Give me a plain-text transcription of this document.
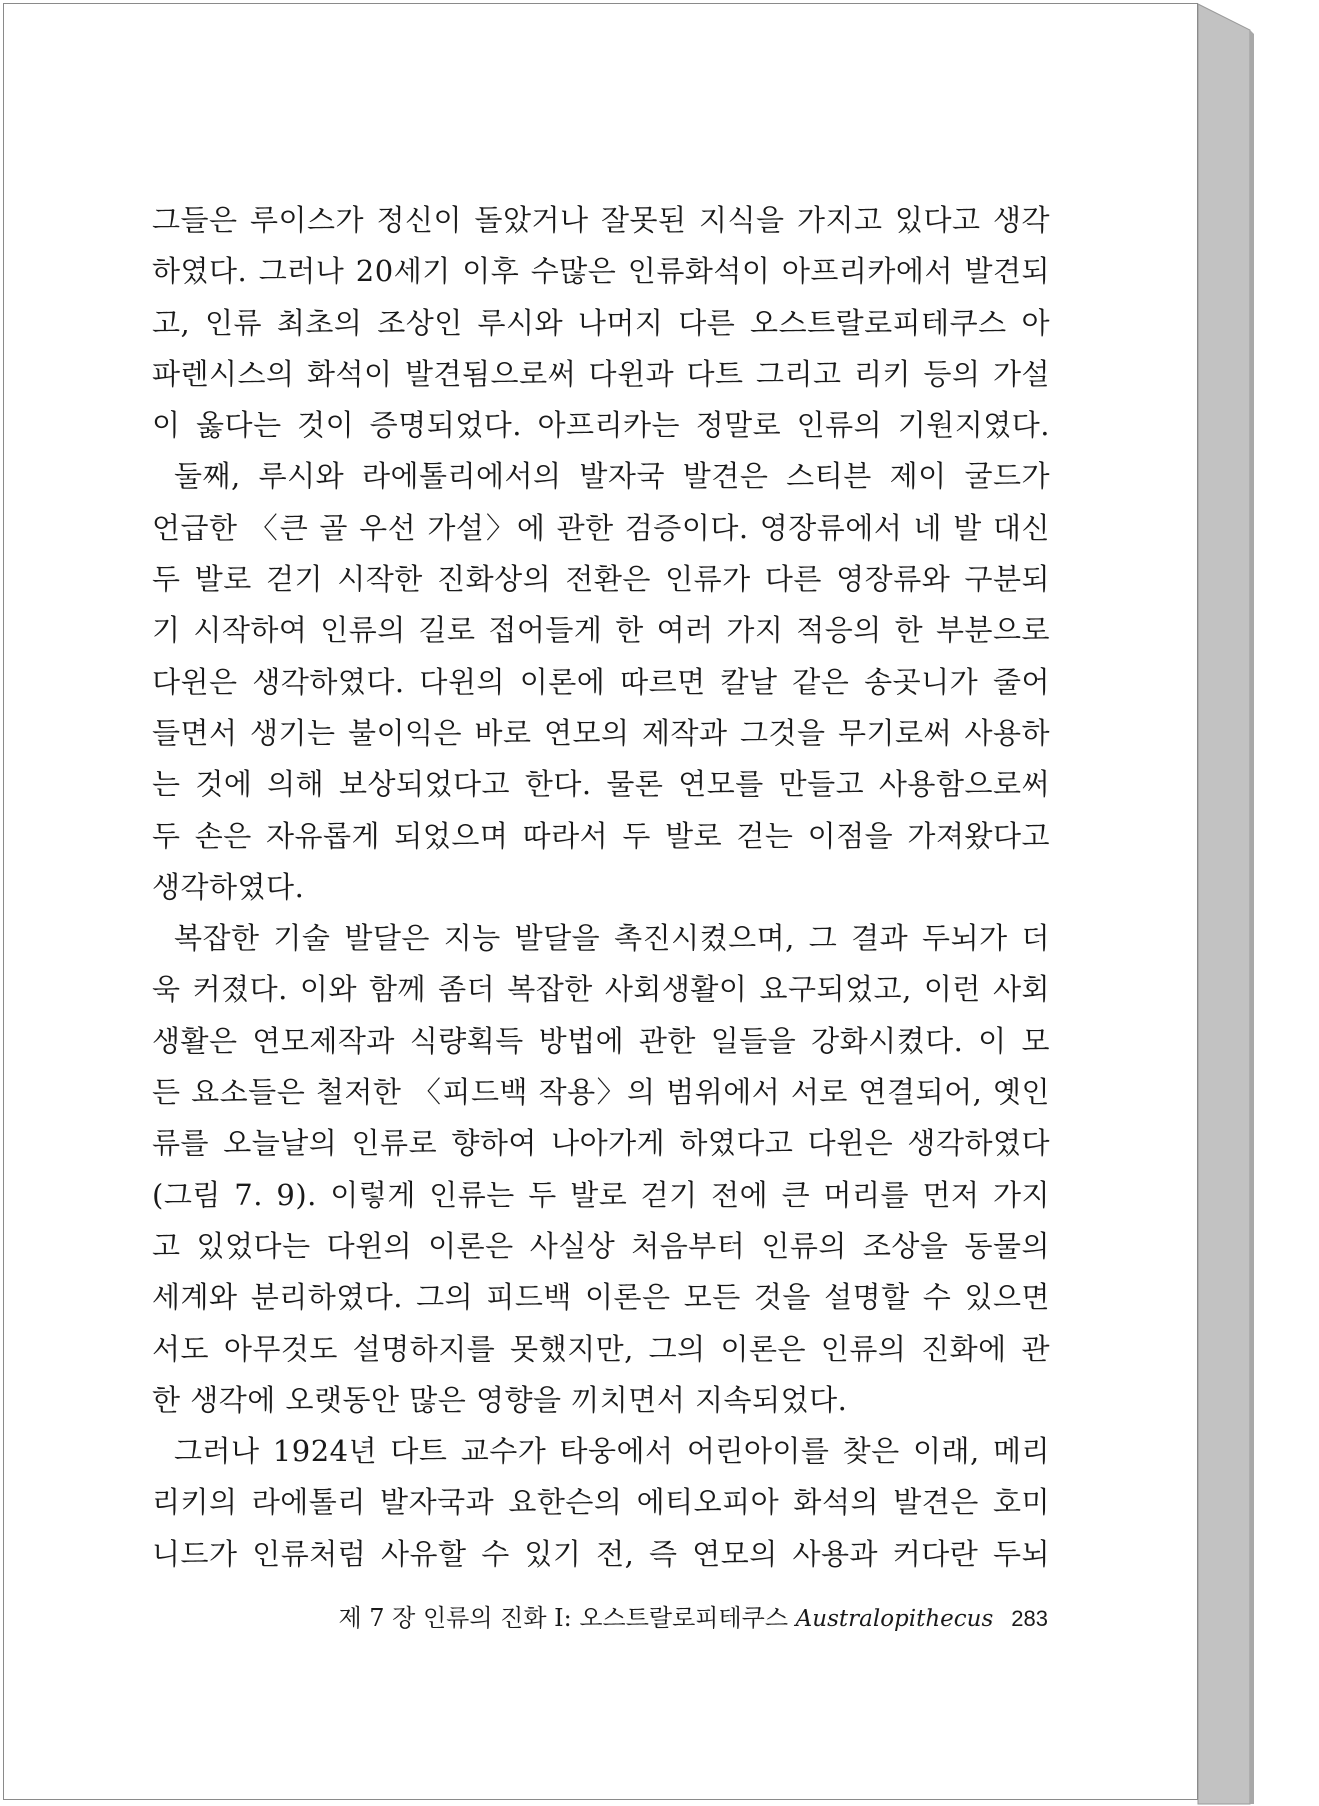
그들은 루이스가 정신이 돌았거나 잘못된 지식을 가지고 있다고 생각
하였다. 그러나 20세기 이후 수많은 인류화석이 아프리카에서 발견되
고, 인류 최초의 조상인 루시와 나머지 다른 오스트랄로피테쿠스 아
파렌시스의 화석이 발견됨으로써 다윈과 다트 그리고 리키 등의 가설
이 옳다는 것이 증명되었다. 아프리카는 정말로 인류의 기원지였다.
둘째, 루시와 라에톨리에서의 발자국 발견은 스티븐 제이 굴드가
언급한 〈큰 골 우선 가설〉에 관한 검증이다. 영장류에서 네 발 대신
두 발로 걷기 시작한 진화상의 전환은 인류가 다른 영장류와 구분되
기 시작하여 인류의 길로 접어들게 한 여러 가지 적응의 한 부분으로
다윈은 생각하였다. 다윈의 이론에 따르면 칼날 같은 송곳니가 줄어
들면서 생기는 불이익은 바로 연모의 제작과 그것을 무기로써 사용하
는 것에 의해 보상되었다고 한다. 물론 연모를 만들고 사용함으로써
두 손은 자유롭게 되었으며 따라서 두 발로 걷는 이점을 가져왔다고
생각하였다.
복잡한 기술 발달은 지능 발달을 촉진시켰으며, 그 결과 두뇌가 더
욱 커졌다. 이와 함께 좀더 복잡한 사회생활이 요구되었고, 이런 사회
생활은 연모제작과 식량획득 방법에 관한 일들을 강화시켰다. 이 모
든 요소들은 철저한 〈피드백 작용〉의 범위에서 서로 연결되어, 옛인
류를 오늘날의 인류로 향하여 나아가게 하였다고 다윈은 생각하였다
(그림 7. 9). 이렇게 인류는 두 발로 걷기 전에 큰 머리를 먼저 가지
고 있었다는 다윈의 이론은 사실상 처음부터 인류의 조상을 동물의
세계와 분리하였다. 그의 피드백 이론은 모든 것을 설명할 수 있으면
서도 아무것도 설명하지를 못했지만, 그의 이론은 인류의 진화에 관
한 생각에 오랫동안 많은 영향을 끼치면서 지속되었다.
그러나 1924년 다트 교수가 타웅에서 어린아이를 찾은 이래, 메리
리키의 라에톨리 발자국과 요한슨의 에티오피아 화석의 발견은 호미
니드가 인류처럼 사유할 수 있기 전, 즉 연모의 사용과 커다란 두뇌
제 7 장 인류의 진화 Ⅰ: 오스트랄로피테쿠스 Australopithecus 283
